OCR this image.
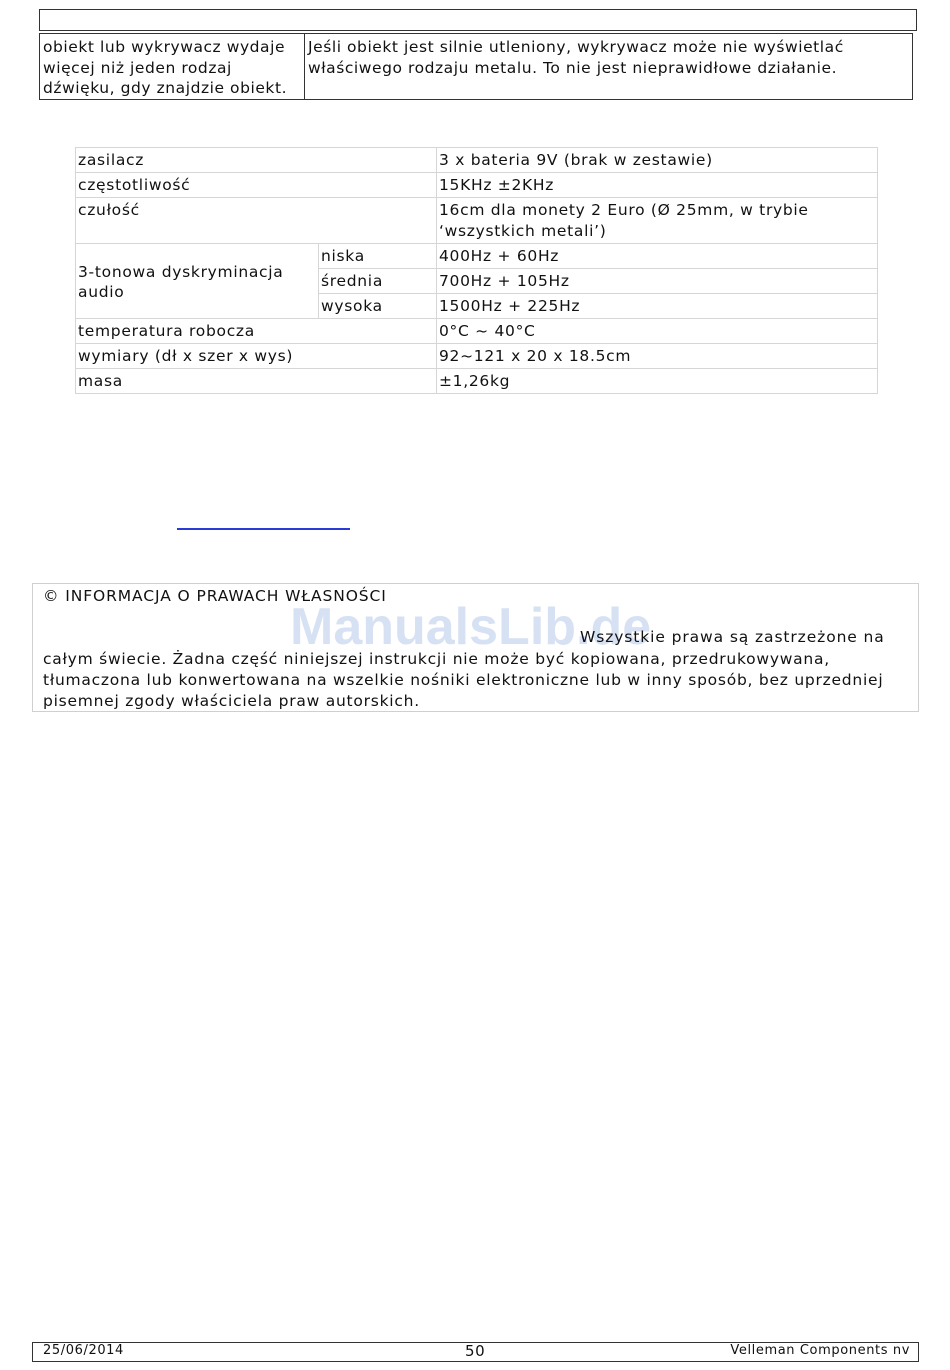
obiekt lub wykrywacz wydaje więcej niż jeden rodzaj dźwięku, gdy znajdzie obiekt.	Jeśli obiekt jest silnie utleniony, wykrywacz może nie wyświetlać właściwego rodzaju metalu. To nie jest nieprawidłowe działanie.
zasilacz		3 x bateria 9V (brak w zestawie)
częstotliwość		15KHz ±2KHz
czułość		16cm dla monety 2 Euro (Ø 25mm, w trybie ‘wszystkich metali’)
3-tonowa dyskryminacja audio	niska	400Hz + 60Hz
	średnia	700Hz + 105Hz
	wysoka	1500Hz + 225Hz
temperatura robocza		0°C ~ 40°C
wymiary (dł x szer x wys)		92~121 x 20 x 18.5cm
masa		±1,26kg
© INFORMACJA O PRAWACH WŁASNOŚCI
ManualsLib.de
Wszystkie prawa są zastrzeżone na
całym świecie. Żadna część niniejszej instrukcji nie może być kopiowana, przedrukowywana, tłumaczona lub konwertowana na wszelkie nośniki elektroniczne lub w inny sposób, bez uprzedniej pisemnej zgody właściciela praw autorskich.
25/06/2014	50	Velleman Components nv
